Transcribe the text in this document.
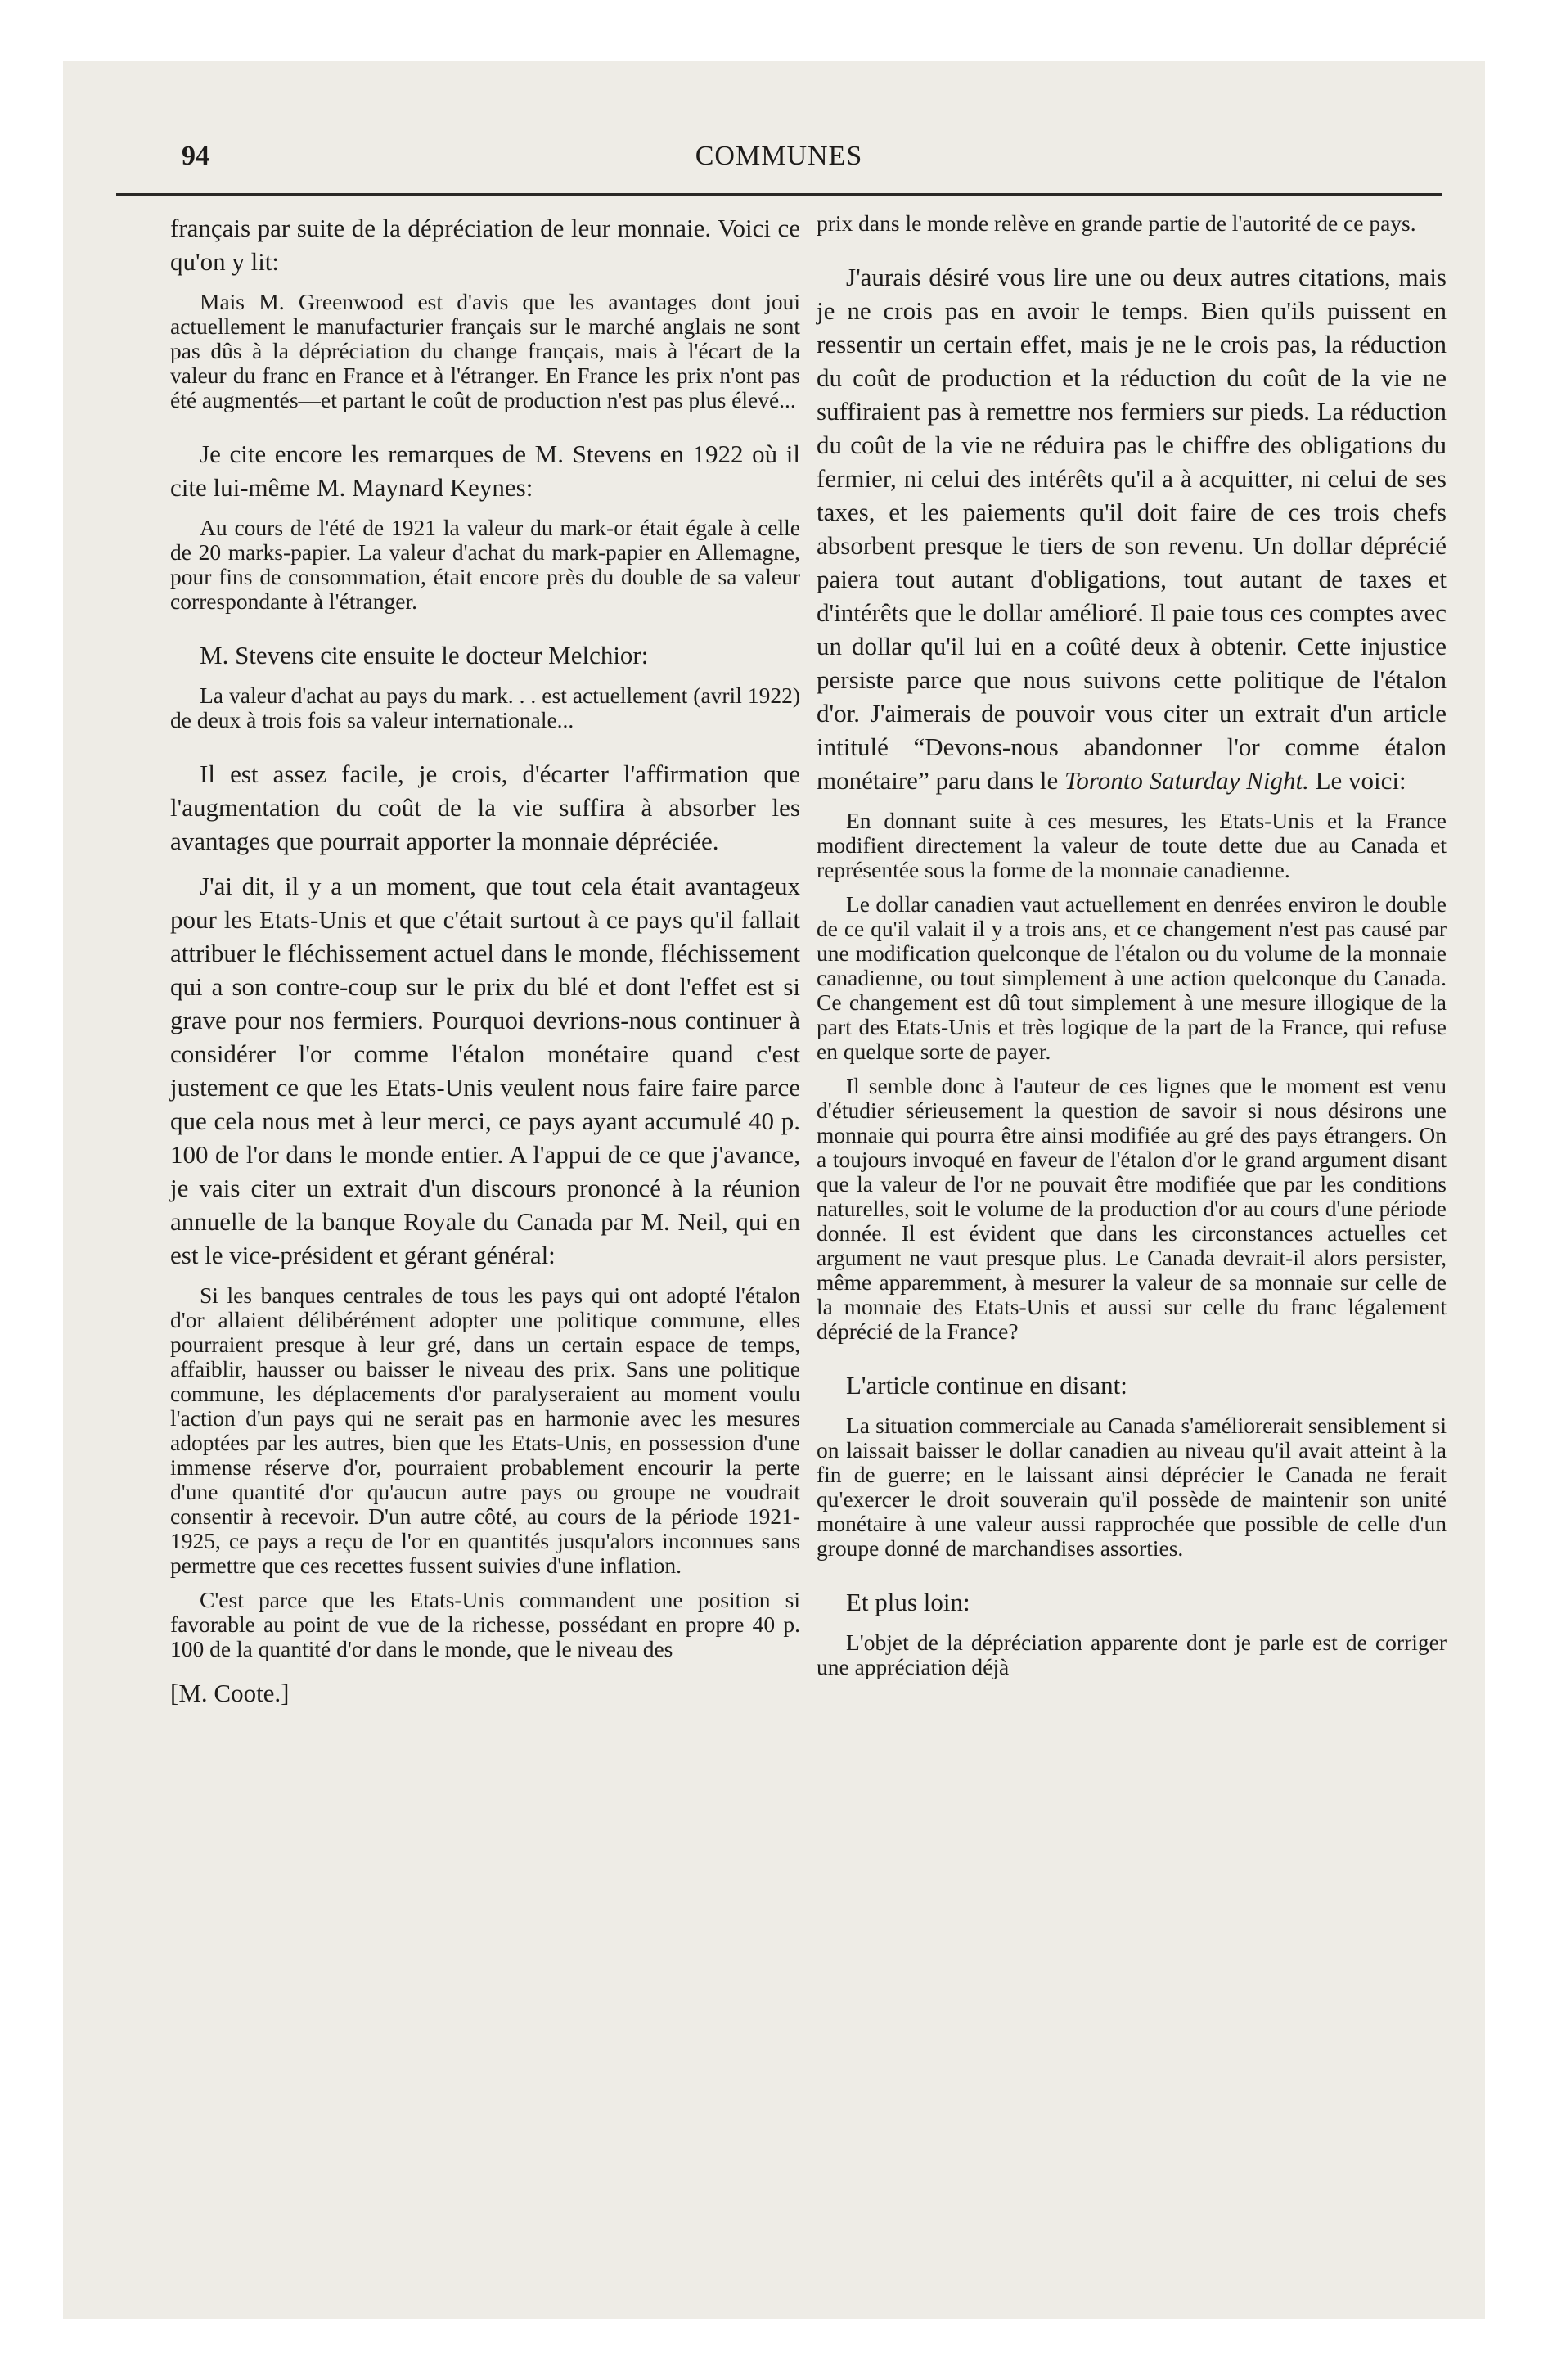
94	COMMUNES

français par suite de la dépréciation de leur monnaie. Voici ce qu'on y lit:

Mais M. Greenwood est d'avis que les avantages dont joui actuellement le manufacturier français sur le marché anglais ne sont pas dûs à la dépréciation du change français, mais à l'écart de la valeur du franc en France et à l'étranger. En France les prix n'ont pas été augmentés—et partant le coût de production n'est pas plus élevé...

Je cite encore les remarques de M. Stevens en 1922 où il cite lui-même M. Maynard Keynes:

Au cours de l'été de 1921 la valeur du mark-or était égale à celle de 20 marks-papier. La valeur d'achat du mark-papier en Allemagne, pour fins de consommation, était encore près du double de sa valeur correspondante à l'étranger.

M. Stevens cite ensuite le docteur Melchior:

La valeur d'achat au pays du mark. . . est actuellement (avril 1922) de deux à trois fois sa valeur internationale...

Il est assez facile, je crois, d'écarter l'affirmation que l'augmentation du coût de la vie suffira à absorber les avantages que pourrait apporter la monnaie dépréciée.

J'ai dit, il y a un moment, que tout cela était avantageux pour les Etats-Unis et que c'était surtout à ce pays qu'il fallait attribuer le fléchissement actuel dans le monde, fléchissement qui a son contre-coup sur le prix du blé et dont l'effet est si grave pour nos fermiers. Pourquoi devrions-nous continuer à considérer l'or comme l'étalon monétaire quand c'est justement ce que les Etats-Unis veulent nous faire faire parce que cela nous met à leur merci, ce pays ayant accumulé 40 p. 100 de l'or dans le monde entier. A l'appui de ce que j'avance, je vais citer un extrait d'un discours prononcé à la réunion annuelle de la banque Royale du Canada par M. Neil, qui en est le vice-président et gérant général:

Si les banques centrales de tous les pays qui ont adopté l'étalon d'or allaient délibérément adopter une politique commune, elles pourraient presque à leur gré, dans un certain espace de temps, affaiblir, hausser ou baisser le niveau des prix. Sans une politique commune, les déplacements d'or paralyseraient au moment voulu l'action d'un pays qui ne serait pas en harmonie avec les mesures adoptées par les autres, bien que les Etats-Unis, en possession d'une immense réserve d'or, pourraient probablement encourir la perte d'une quantité d'or qu'aucun autre pays ou groupe ne voudrait consentir à recevoir. D'un autre côté, au cours de la période 1921-1925, ce pays a reçu de l'or en quantités jusqu'alors inconnues sans permettre que ces recettes fussent suivies d'une inflation.

C'est parce que les Etats-Unis commandent une position si favorable au point de vue de la richesse, possédant en propre 40 p. 100 de la quantité d'or dans le monde, que le niveau des

[M. Coote.]

prix dans le monde relève en grande partie de l'autorité de ce pays.

J'aurais désiré vous lire une ou deux autres citations, mais je ne crois pas en avoir le temps. Bien qu'ils puissent en ressentir un certain effet, mais je ne le crois pas, la réduction du coût de production et la réduction du coût de la vie ne suffiraient pas à remettre nos fermiers sur pieds. La réduction du coût de la vie ne réduira pas le chiffre des obligations du fermier, ni celui des intérêts qu'il a à acquitter, ni celui de ses taxes, et les paiements qu'il doit faire de ces trois chefs absorbent presque le tiers de son revenu. Un dollar déprécié paiera tout autant d'obligations, tout autant de taxes et d'intérêts que le dollar amélioré. Il paie tous ces comptes avec un dollar qu'il lui en a coûté deux à obtenir. Cette injustice persiste parce que nous suivons cette politique de l'étalon d'or. J'aimerais de pouvoir vous citer un extrait d'un article intitulé “Devons-nous abandonner l'or comme étalon monétaire” paru dans le Toronto Saturday Night. Le voici:

En donnant suite à ces mesures, les Etats-Unis et la France modifient directement la valeur de toute dette due au Canada et représentée sous la forme de la monnaie canadienne.

Le dollar canadien vaut actuellement en denrées environ le double de ce qu'il valait il y a trois ans, et ce changement n'est pas causé par une modification quelconque de l'étalon ou du volume de la monnaie canadienne, ou tout simplement à une action quelconque du Canada. Ce changement est dû tout simplement à une mesure illogique de la part des Etats-Unis et très logique de la part de la France, qui refuse en quelque sorte de payer.

Il semble donc à l'auteur de ces lignes que le moment est venu d'étudier sérieusement la question de savoir si nous désirons une monnaie qui pourra être ainsi modifiée au gré des pays étrangers. On a toujours invoqué en faveur de l'étalon d'or le grand argument disant que la valeur de l'or ne pouvait être modifiée que par les conditions naturelles, soit le volume de la production d'or au cours d'une période donnée. Il est évident que dans les circonstances actuelles cet argument ne vaut presque plus. Le Canada devrait-il alors persister, même apparemment, à mesurer la valeur de sa monnaie sur celle de la monnaie des Etats-Unis et aussi sur celle du franc légalement déprécié de la France?

L'article continue en disant:

La situation commerciale au Canada s'améliorerait sensiblement si on laissait baisser le dollar canadien au niveau qu'il avait atteint à la fin de guerre; en le laissant ainsi déprécier le Canada ne ferait qu'exercer le droit souverain qu'il possède de maintenir son unité monétaire à une valeur aussi rapprochée que possible de celle d'un groupe donné de marchandises assorties.

Et plus loin:

L'objet de la dépréciation apparente dont je parle est de corriger une appréciation déjà
